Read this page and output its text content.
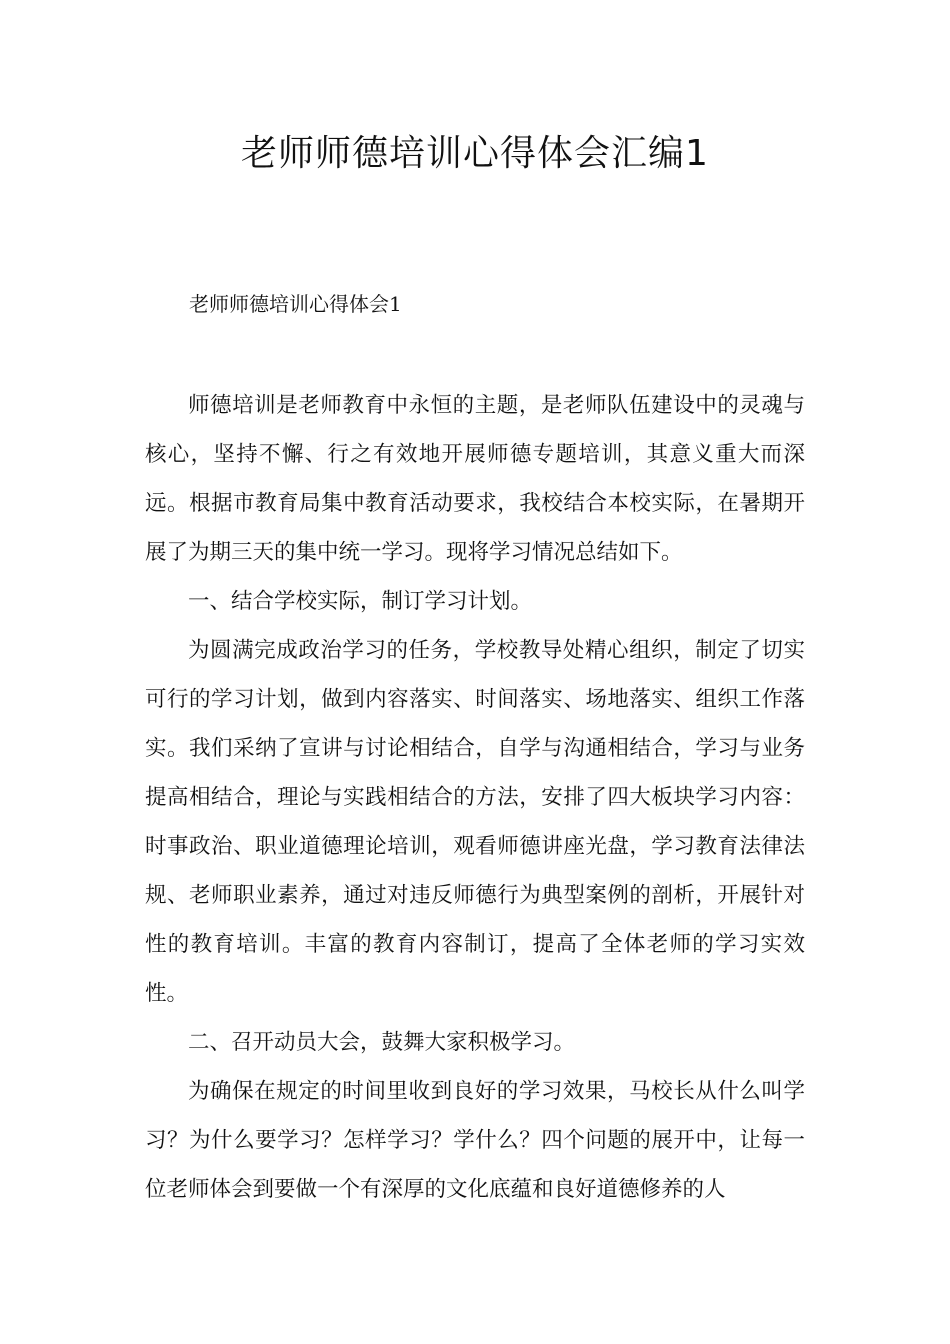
老师师德培训心得体会汇编1

老师师德培训心得体会1

师德培训是老师教育中永恒的主题，是老师队伍建设中的灵魂与核心，坚持不懈、行之有效地开展师德专题培训，其意义重大而深远。根据市教育局集中教育活动要求，我校结合本校实际，在暑期开展了为期三天的集中统一学习。现将学习情况总结如下。

一、结合学校实际，制订学习计划。

为圆满完成政治学习的任务，学校教导处精心组织，制定了切实可行的学习计划，做到内容落实、时间落实、场地落实、组织工作落实。我们采纳了宣讲与讨论相结合，自学与沟通相结合，学习与业务提高相结合，理论与实践相结合的方法，安排了四大板块学习内容：时事政治、职业道德理论培训，观看师德讲座光盘，学习教育法律法规、老师职业素养，通过对违反师德行为典型案例的剖析，开展针对性的教育培训。丰富的教育内容制订，提高了全体老师的学习实效性。

二、召开动员大会，鼓舞大家积极学习。

为确保在规定的时间里收到良好的学习效果，马校长从什么叫学习？为什么要学习？怎样学习？学什么？四个问题的展开中，让每一位老师体会到要做一个有深厚的文化底蕴和良好道德修养的人
